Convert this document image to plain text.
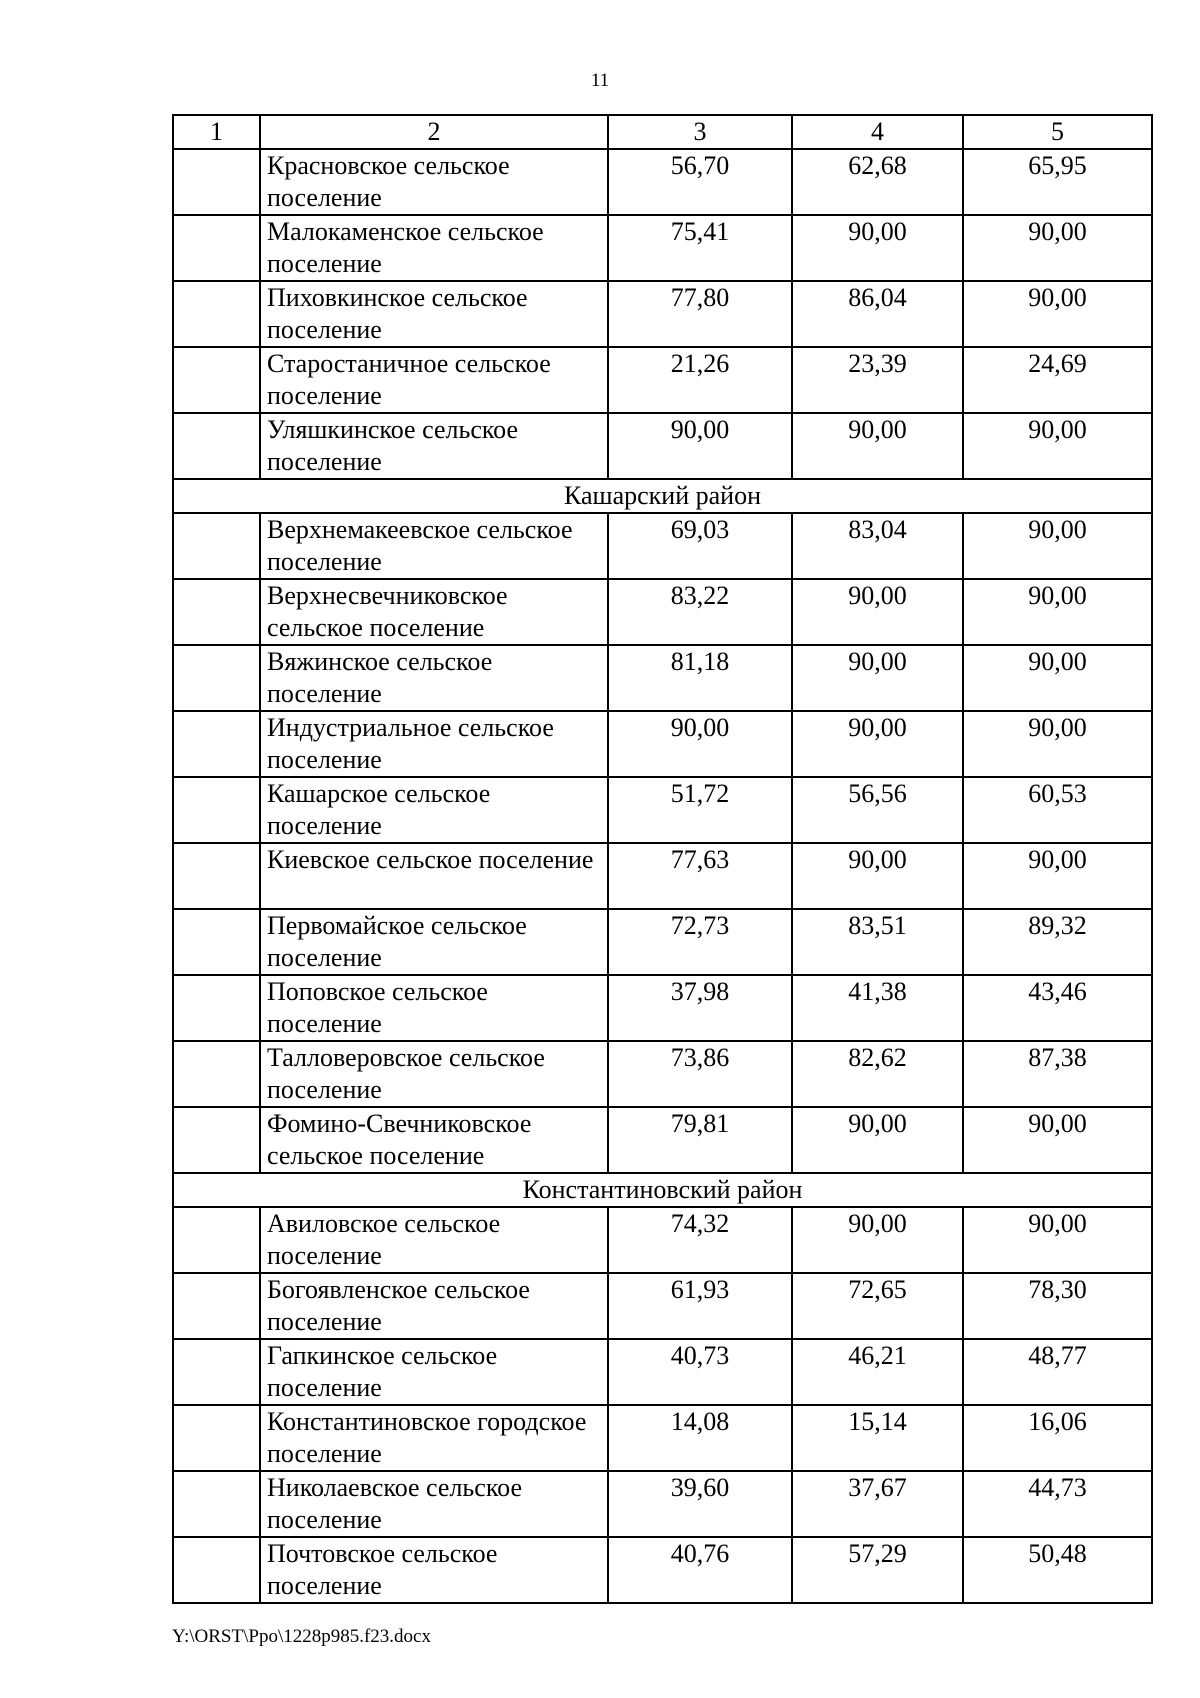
11
1	2	3	4	5
	Красновское сельское поселение	56,70	62,68	65,95
	Малокаменское сельское поселение	75,41	90,00	90,00
	Пиховкинское сельское поселение	77,80	86,04	90,00
	Старостаничное сельское поселение	21,26	23,39	24,69
	Уляшкинское сельское поселение	90,00	90,00	90,00
Кашарский район				
	Верхнемакеевское сельское поселение	69,03	83,04	90,00
	Верхнесвечниковское сельское поселение	83,22	90,00	90,00
	Вяжинское сельское поселение	81,18	90,00	90,00
	Индустриальное сельское поселение	90,00	90,00	90,00
	Кашарское сельское поселение	51,72	56,56	60,53
	Киевское сельское поселение	77,63	90,00	90,00
	Первомайское сельское поселение	72,73	83,51	89,32
	Поповское сельское поселение	37,98	41,38	43,46
	Талловеровское сельское поселение	73,86	82,62	87,38
	Фомино-Свечниковское сельское поселение	79,81	90,00	90,00
Константиновский район				
	Авиловское сельское поселение	74,32	90,00	90,00
	Богоявленское сельское поселение	61,93	72,65	78,30
	Гапкинское сельское поселение	40,73	46,21	48,77
	Константиновское городское поселение	14,08	15,14	16,06
	Николаевское сельское поселение	39,60	37,67	44,73
	Почтовское сельское поселение	40,76	57,29	50,48
Y:\ORST\Ppo\1228p985.f23.docx
